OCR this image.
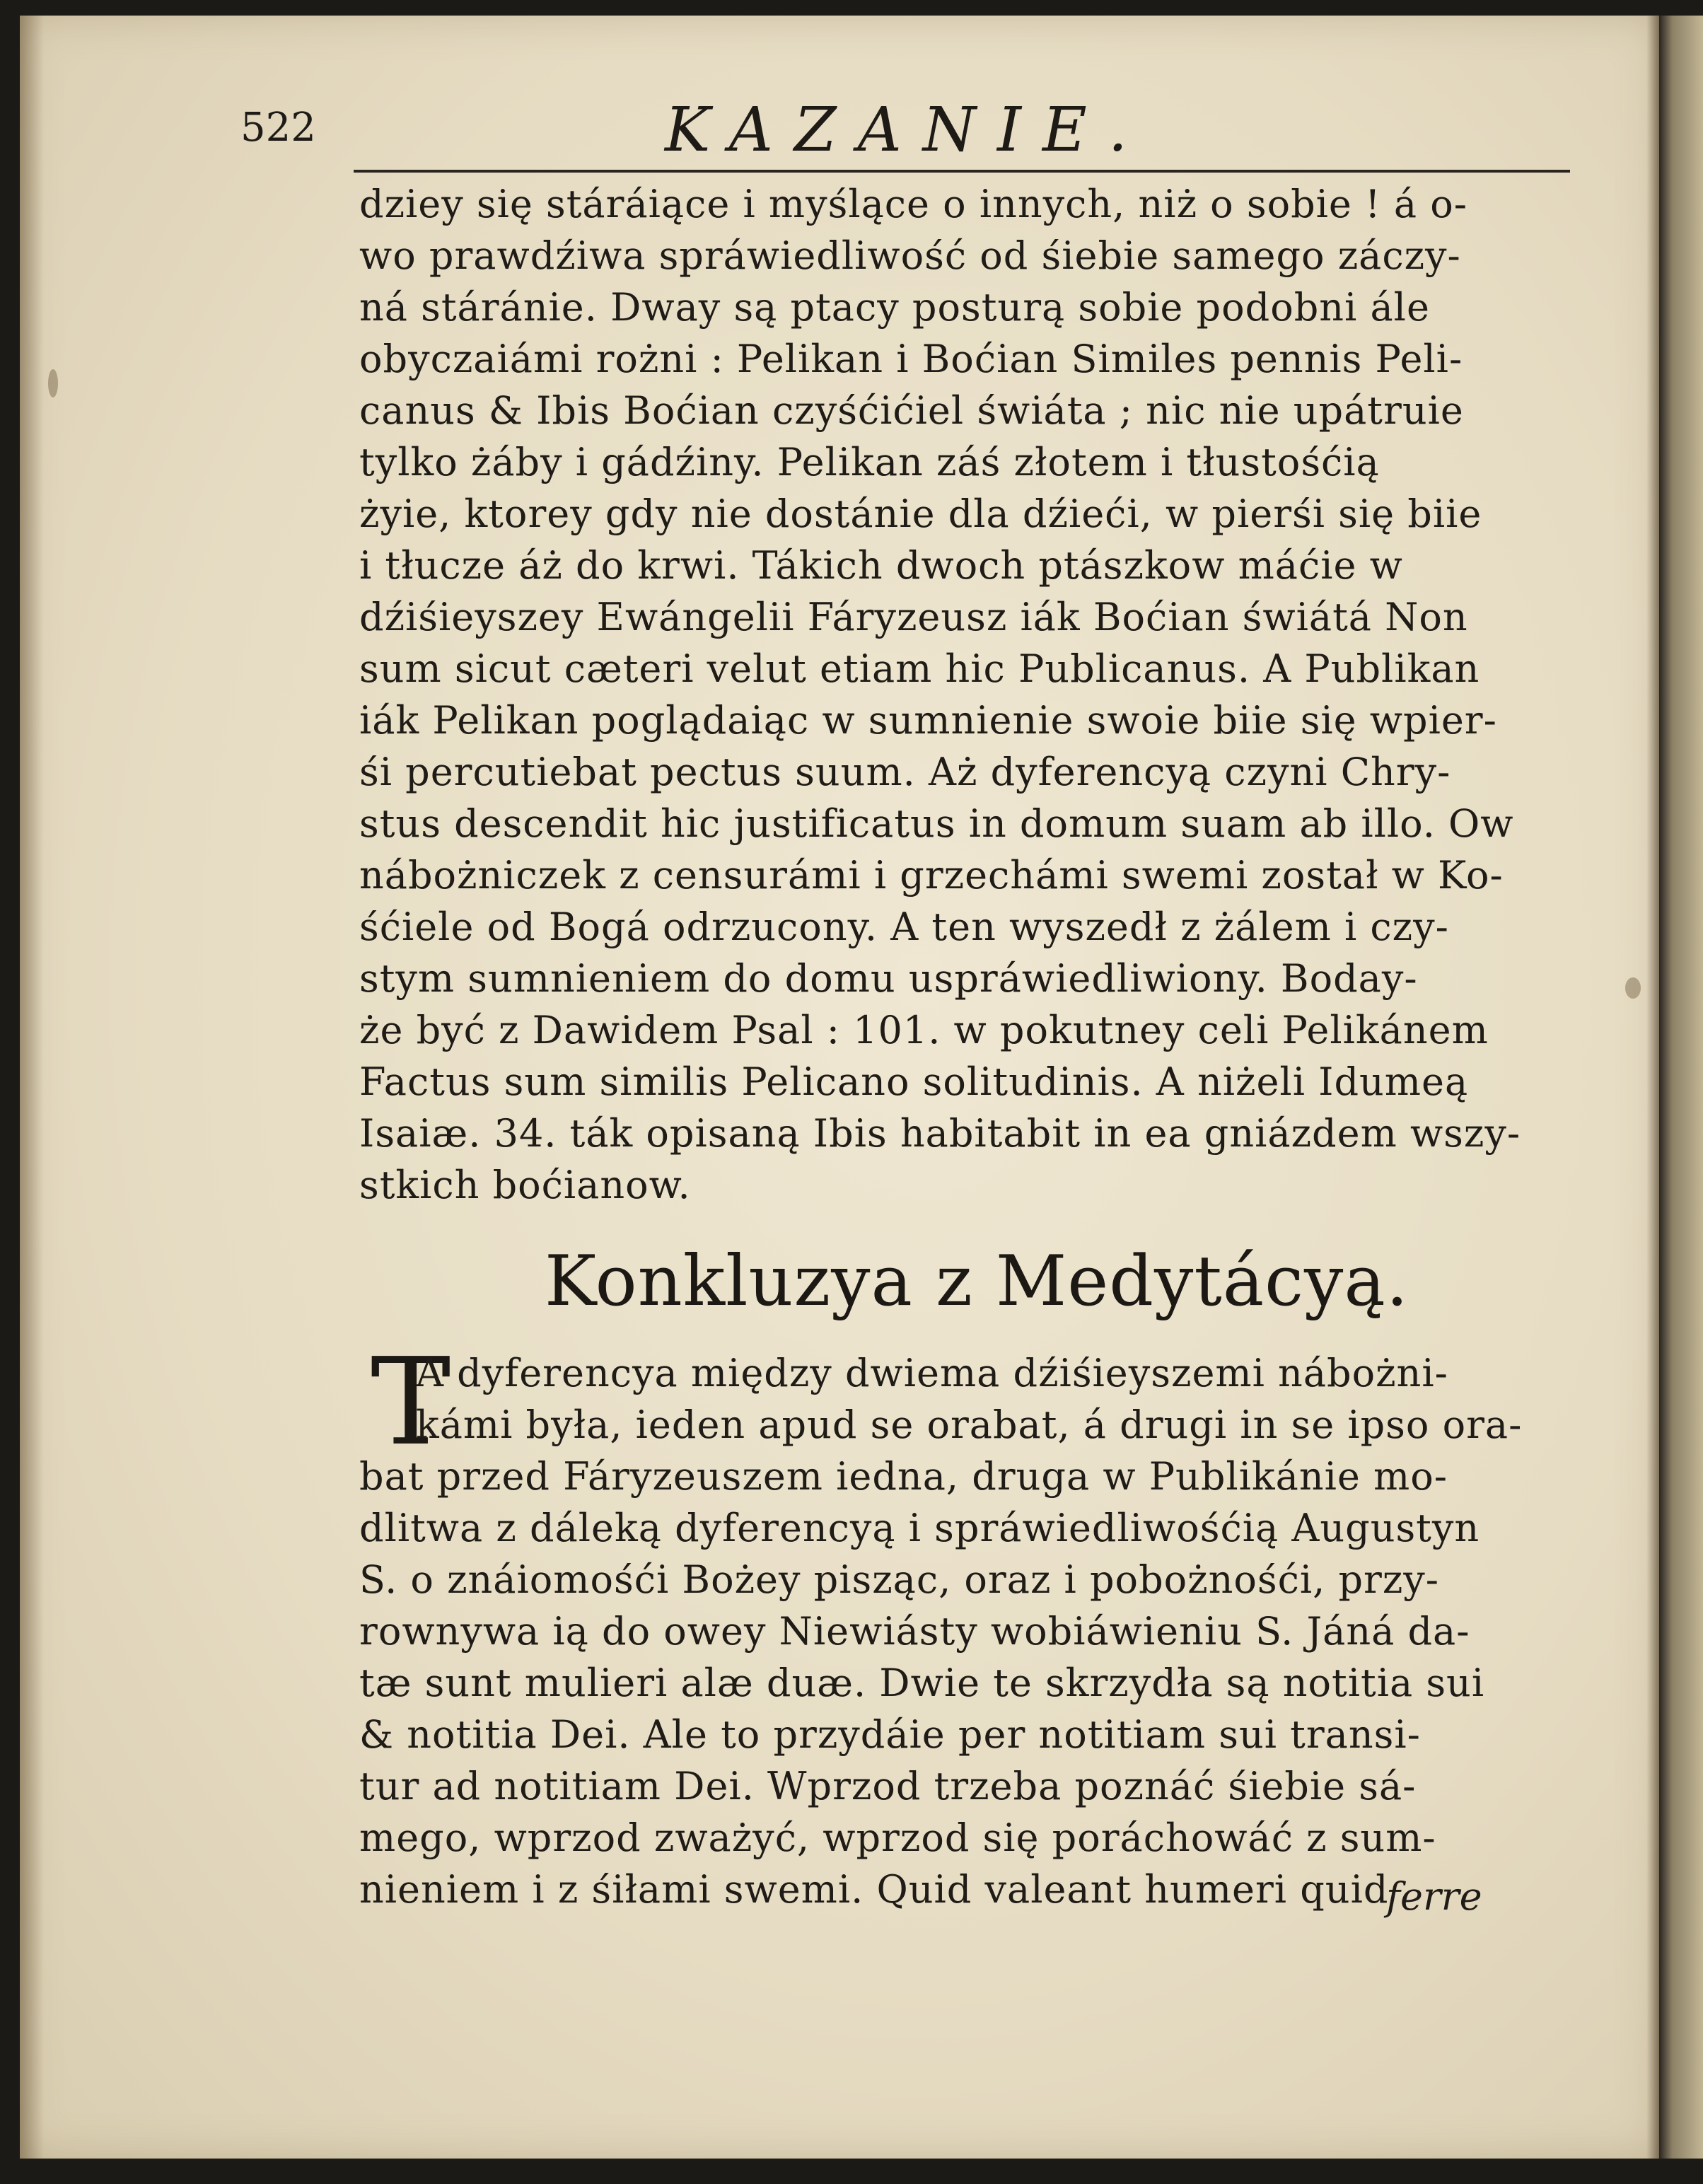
522	KAZANIE.
dziey się stáráiące i myślące o innych, niż o sobie ! á o-
wo prawdźiwa spráwiedliwość od śiebie samego záczy-
ná stáránie. Dway są ptacy posturą sobie podobni ále
obyczaiámi rożni : Pelikan i Boćian Similes pennis Peli-
canus & Ibis Boćian czyśćićiel świáta ; nic nie upátruie
tylko żáby i gádźiny. Pelikan záś złotem i tłustośćią
żyie, ktorey gdy nie dostánie dla dźieći, w pierśi się biie
i tłucze áż do krwi. Tákich dwoch ptászkow máćie w
dźiśieyszey Ewángelii Fáryzeusz iák Boćian świátá Non
sum sicut cæteri velut etiam hic Publicanus. A Publikan
iák Pelikan poglądaiąc w sumnienie swoie biie się wpier-
śi percutiebat pectus suum. Aż dyferencyą czyni Chry-
stus descendit hic justificatus in domum suam ab illo. Ow
nábożniczek z censurámi i grzechámi swemi został w Ko-
śćiele od Bogá odrzucony. A ten wyszedł z żálem i czy-
stym sumnieniem do domu uspráwiedliwiony. Boday-
że być z Dawidem Psal : 101. w pokutney celi Pelikánem
Factus sum similis Pelicano solitudinis. A niżeli Idumeą
Isaiæ. 34. ták opisaną Ibis habitabit in ea gniázdem wszy-
stkich boćianow.
Konkluzya z Medytácyą.
T
A dyferencya między dwiema dźiśieyszemi nábożni-
kámi była, ieden apud se orabat, á drugi in se ipso ora-
bat przed Fáryzeuszem iedna, druga w Publikánie mo-
dlitwa z dáleką dyferencyą i spráwiedliwośćią Augustyn
S. o znáiomośći Bożey pisząc, oraz i pobożnośći, przy-
rownywa ią do owey Niewiásty wobiáwieniu S. Jáná da-
tæ sunt mulieri alæ duæ. Dwie te skrzydła są notitia sui
& notitia Dei. Ale to przydáie per notitiam sui transi-
tur ad notitiam Dei. Wprzod trzeba poznáć śiebie sá-
mego, wprzod zważyć, wprzod się poráchowáć z sum-
nieniem i z śiłami swemi. Quid valeant humeri quid
ferre
